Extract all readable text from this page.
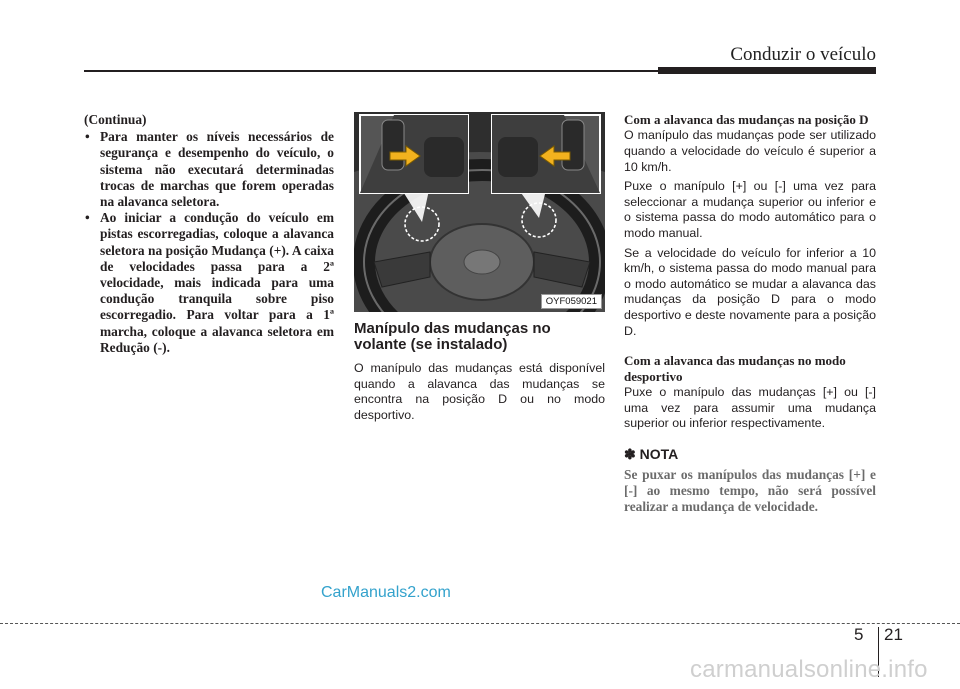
Conduzir o veículo

(Continua)

• Para manter os níveis necessários de segurança e desempenho do veículo, o sistema não executará determinadas trocas de marchas que forem operadas na alavanca seletora.
• Ao iniciar a condução do veículo em pistas escorregadias, coloque a alavanca seletora na posição Mudança (+). A caixa de velocidades passa para a 2ª velocidade, mais indicada para uma condução tranquila sobre piso escorregadio. Para voltar para a 1ª marcha, coloque a alavanca seletora em Redução (-).
OYF059021
Manípulo das mudanças no volante (se instalado)

O manípulo das mudanças está disponível quando a alavanca das mudanças se encontra na posição D ou no modo desportivo.

Com a alavanca das mudanças na posição D

O manípulo das mudanças pode ser utilizado quando a velocidade do veículo é superior a 10 km/h.

Puxe o manípulo [+] ou [-] uma vez para seleccionar a mudança superior ou inferior e o sistema passa do modo automático para o modo manual.

Se a velocidade do veículo for inferior a 10 km/h, o sistema passa do modo manual para o modo automático se mudar a alavanca das mudanças da posição D para o modo desportivo e deste novamente para a posição D.

Com a alavanca das mudanças no modo desportivo

Puxe o manípulo das mudanças [+] ou [-] uma vez para assumir uma mudança superior ou inferior respectivamente.

✽ NOTA

Se puxar os manípulos das mudanças [+] e [-] ao mesmo tempo, não será possível realizar a mudança de velocidade.

CarManuals2.com
5 21
carmanualsonline.info
